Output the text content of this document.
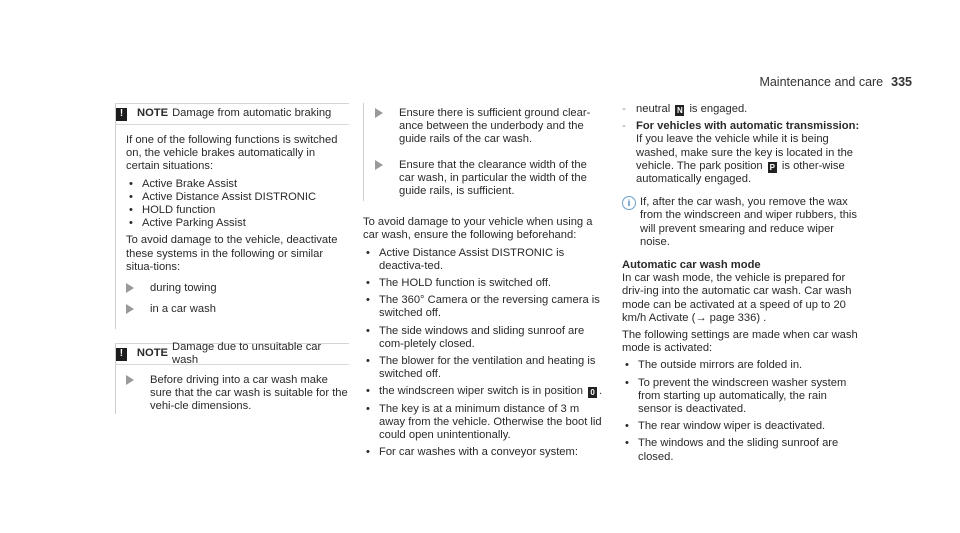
Maintenance and care 335
!	NOTE Damage from automatic braking

If one of the following functions is switched on, the vehicle brakes automatically in certain situations:

• Active Brake Assist
• Active Distance Assist DISTRONIC
• HOLD function
• Active Parking Assist

To avoid damage to the vehicle, deactivate these systems in the following or similar situa-tions:

during towing
in a car wash
!	NOTE
Damage due to unsuitable car wash
Before driving into a car wash make sure that the car wash is suitable for the vehi-cle dimensions.
Ensure there is sufficient ground clear-ance between the underbody and the guide rails of the car wash.
Ensure that the clearance width of the car wash, in particular the width of the guide rails, is sufficient.

To avoid damage to your vehicle when using a car wash, ensure the following beforehand:

• Active Distance Assist DISTRONIC is deactiva-ted.
• The HOLD function is switched off.
• The 360° Camera or the reversing camera is switched off.
• The side windows and sliding sunroof are com-pletely closed.
• The blower for the ventilation and heating is switched off.
• the windscreen wiper switch is in position 0 .
• The key is at a minimum distance of 3 m away from the vehicle. Otherwise the boot lid could open unintentionally.
• For car washes with a conveyor system:
- neutral N is engaged.
- For vehicles with automatic transmission:
If you leave the vehicle while it is being washed, make sure the key is located in the vehicle. The park position P is other-wise automatically engaged.
i If, after the car wash, you remove the wax from the windscreen and wiper rubbers, this will prevent smearing and reduce wiper noise.

Automatic car wash mode

In car wash mode, the vehicle is prepared for driv-ing into the automatic car wash. Car wash mode can be activated at a speed of up to 20 km/h Activate (→ page 336) .

The following settings are made when car wash mode is activated:

• The outside mirrors are folded in.
• To prevent the windscreen washer system from starting up automatically, the rain sensor is deactivated.
• The rear window wiper is deactivated.
• The windows and the sliding sunroof are closed.
